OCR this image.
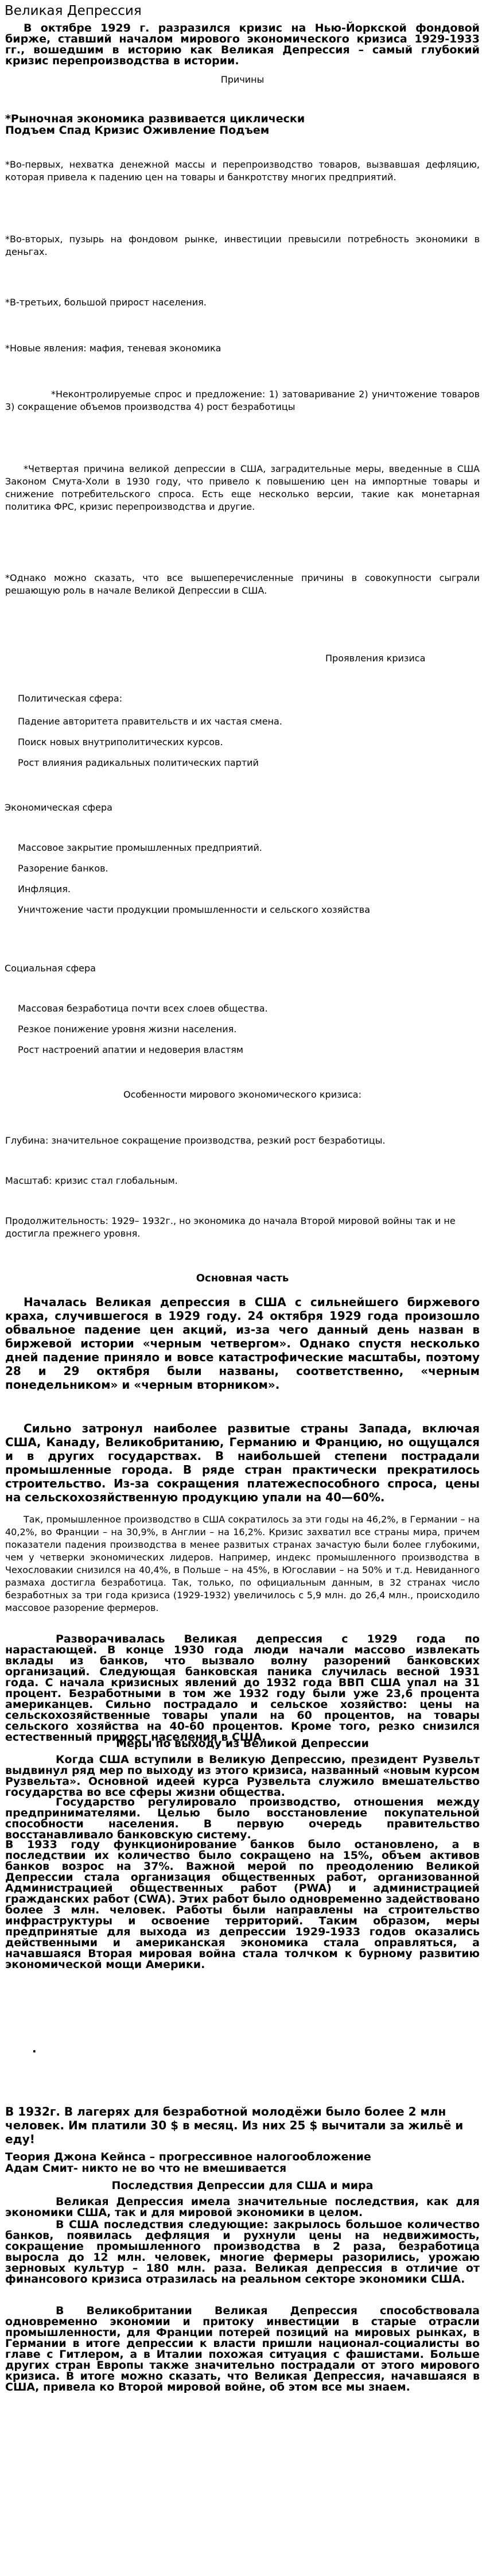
Великая Депрессия

В октябре 1929 г. разразился кризис на Нью-Йоркской фондовой бирже, ставший началом мирового экономического кризиса 1929-1933 гг., вошедшим в историю как Великая Депрессия – самый глубокий кризис перепроизводства в истории.

Причины
*Рыночная экономика развивается циклически
Подъем Спад Кризис Оживление Подъем

*Во-первых, нехватка денежной массы и перепроизводство товаров, вызвавшая дефляцию, которая привела к падению цен на товары и банкротству многих предприятий.

*Во-вторых, пузырь на фондовом рынке, инвестиции превысили потребность экономики в деньгах.

*В-третьих, большой прирост населения.

*Новые явления: мафия, теневая экономика

*Неконтролируемые спрос и предложение: 1) затоваривание 2) уничтожение товаров 3) сокращение объемов производства 4) рост безработицы

*Четвертая причина великой депрессии в США, заградительные меры, введенные в США Законом Смута-Холи в 1930 году, что привело к повышению цен на импортные товары и снижение потребительского спроса. Есть еще несколько версии, такие как монетарная политика ФРС, кризис перепроизводства и другие.

*Однако можно сказать, что все вышеперечисленные причины в совокупности сыграли решающую роль в начале Великой Депрессии в США.

Проявления кризиса
Политическая сфера:
Падение авторитета правительств и их частая смена.
Поиск новых внутриполитических курсов.
Рост влияния радикальных политических партий
Экономическая сфера
Массовое закрытие промышленных предприятий.
Разорение банков.
Инфляция.
Уничтожение части продукции промышленности и сельского хозяйства
Социальная сфера
Массовая безработица почти всех слоев общества.
Резкое понижение уровня жизни населения.
Рост настроений апатии и недоверия властям
Особенности мирового экономического кризиса:

Глубина: значительное сокращение производства, резкий рост безработицы.

Масштаб: кризис стал глобальным.

Продолжительность: 1929– 1932г., но экономика до начала Второй мировой войны так и не достигла прежнего уровня.

Основная часть

Началась Великая депрессия в США с сильнейшего биржевого краха, случившегося в 1929 году. 24 октября 1929 года произошло обвальное падение цен акций, из-за чего данный день назван в биржевой истории «черным четвергом». Однако спустя несколько дней падение приняло и вовсе катастрофические масштабы, поэтому 28 и 29 октября были названы, соответственно, «черным понедельником» и «черным вторником».

Сильно затронул наиболее развитые страны Запада, включая США, Канаду, Великобританию, Германию и Францию, но ощущался и в других государствах. В наибольшей степени пострадали промышленные города. В ряде стран практически прекратилось строительство. Из-за сокращения платежеспособного спроса, цены на сельскохозяйственную продукцию упали на 40—60%.

Так, промышленное производство в США сократилось за эти годы на 46,2%, в Германии – на 40,2%, во Франции – на 30,9%, в Англии – на 16,2%. Кризис захватил все страны мира, причем показатели падения производства в менее развитых странах зачастую были более глубокими, чем у четверки экономических лидеров. Например, индекс промышленного производства в Чехословакии снизился на 40,4%, в Польше – на 45%, в Югославии – на 50% и т.д. Невиданного размаха достигла безработица. Так, только, по официальным данным, в 32 странах число безработных за три года кризиса (1929-1932) увеличилось с 5,9 млн. до 26,4 млн., происходило массовое разорение фермеров.

Разворачивалась Великая депрессия с 1929 года по нарастающей. В конце 1930 года люди начали массово извлекать вклады из банков, что вызвало волну разорений банковских организаций. Следующая банковская паника случилась весной 1931 года. С начала кризисных явлений до 1932 года ВВП США упал на 31 процент. Безработными в том же 1932 году были уже 23,6 процента американцев. Сильно пострадало и сельское хозяйство: цены на сельскохозяйственные товары упали на 60 процентов, на товары сельского хозяйства на 40-60 процентов. Кроме того, резко снизился естественный прирост населения в США.

Меры по выходу из Великой Депрессии

Когда США вступили в Великую Депрессию, президент Рузвельт выдвинул ряд мер по выходу из этого кризиса, названный «новым курсом Рузвельта». Основной идеей курса Рузвельта служило вмешательство государства во все сферы жизни общества.

Государство регулировало производство, отношения между предпринимателями. Целью было восстановление покупательной способности населения. В первую очередь правительство восстанавливало банковскую систему.

В 1933 году функционирование банков было остановлено, а в последствии их количество было сокращено на 15%, объем активов банков возрос на 37%. Важной мерой по преодолению Великой Депрессии стала организация общественных работ, организованной Администрацией общественных работ (PWA) и администрацией гражданских работ (CWA). Этих работ было одновременно задействовано более 3 млн. человек. Работы были направлены на строительство инфраструктуры и освоение территорий. Таким образом, меры предпринятые для выхода из депрессии 1929-1933 годов оказались действенными и американская экономика стала оправляться, а начавшаяся Вторая мировая война стала толчком к бурному развитию экономической мощи Америки.

.

В 1932г. В лагерях для безработной молодёжи было более 2 млн человек. Им платили 30 $ в месяц. Из них 25 $ вычитали за жильё и еду!

Теория Джона Кейнса – прогрессивное налогообложение
Адам Смит- никто не во что не вмешивается
Последствия Депрессии для США и мира

Великая Депрессия имела значительные последствия, как для экономики США, так и для мировой экономики в целом.

В США последствия следующие: закрылось большое количество банков, появилась дефляция и рухнули цены на недвижимость, сокращение промышленного производства в 2 раза, безработица выросла до 12 млн. человек, многие фермеры разорились, урожаю зерновых культур – 180 млн. раза. Великая депрессия в отличие от финансового кризиса отразилась на реальном секторе экономики США.

В Великобритании Великая Депрессия способствовала одновременно экономии и притоку инвестиции в старые отрасли промышленности, для Франции потерей позиций на мировых рынках, в Германии в итоге депрессии к власти пришли национал-социалисты во главе с Гитлером, а в Италии похожая ситуация с фашистами. Больше других стран Европы также значительно пострадали от этого мирового кризиса. В итоге можно сказать, что Великая Депрессия, начавшаяся в США, привела ко Второй мировой войне, об этом все мы знаем.
